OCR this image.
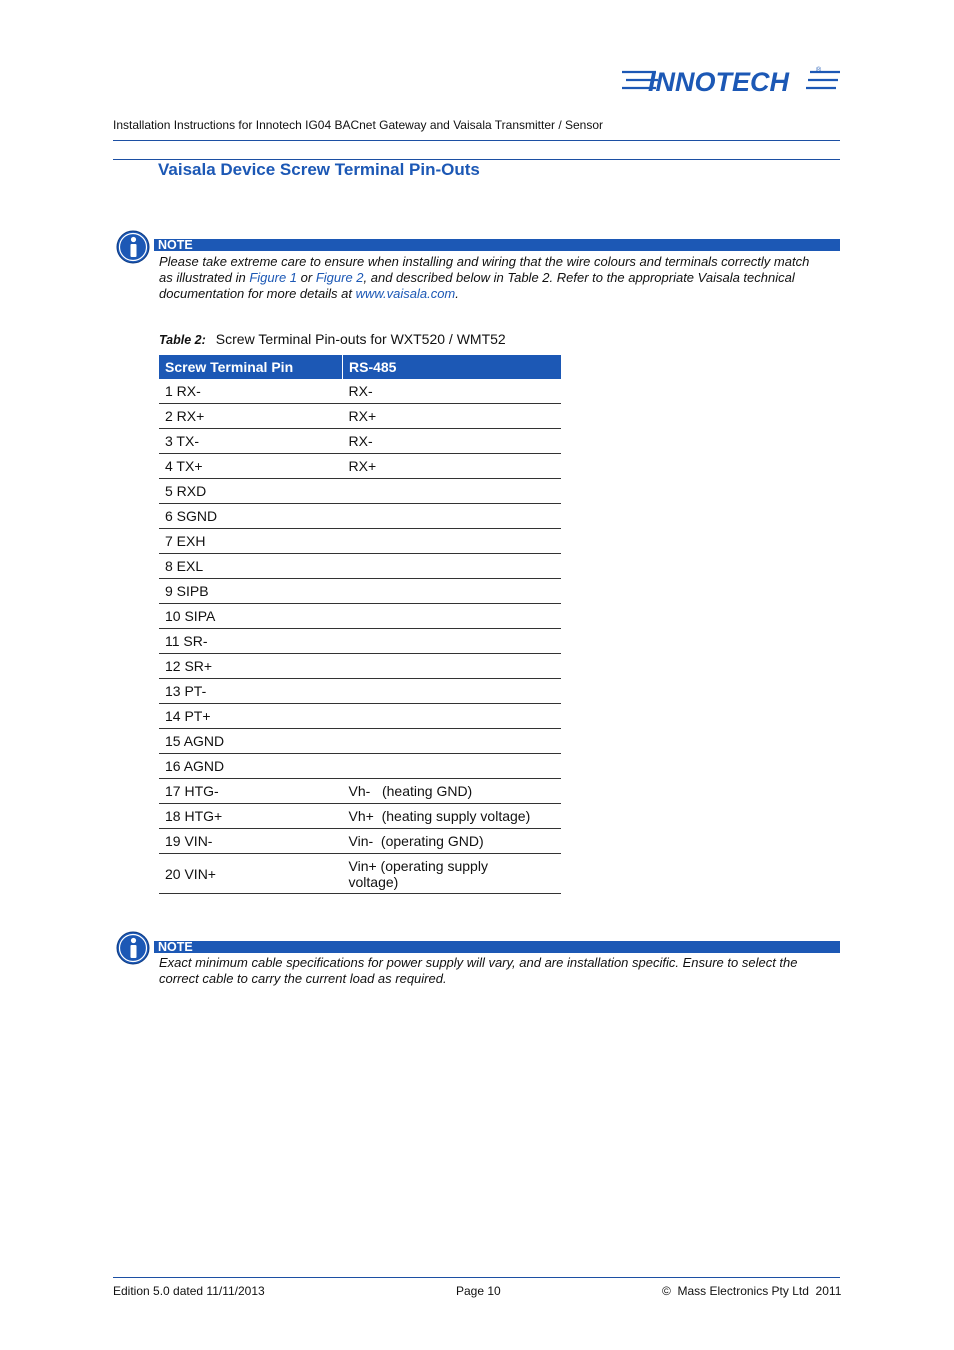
INNOTECH	®
Installation Instructions for Innotech IG04 BACnet Gateway and Vaisala Transmitter / Sensor
Vaisala Device Screw Terminal Pin-Outs
NOTE
Please take extreme care to ensure when installing and wiring that the wire colours and terminals correctly match as illustrated in Figure 1 or Figure 2, and described below in Table 2. Refer to the appropriate Vaisala technical documentation for more details at www.vaisala.com.
Table 2: Screw Terminal Pin-outs for WXT520 / WMT52
Screw Terminal Pin	RS-485
1 RX-	RX-
2 RX+	RX+
3 TX-	RX-
4 TX+	RX+
5 RXD	
6 SGND	
7 EXH	
8 EXL	
9 SIPB	
10 SIPA	
11 SR-	
12 SR+	
13 PT-	
14 PT+	
15 AGND	
16 AGND	
17 HTG-	Vh-   (heating GND)
18 HTG+	Vh+  (heating supply voltage)
19 VIN-	Vin-  (operating GND)
20 VIN+	Vin+ (operating supply voltage)
NOTE
Exact minimum cable specifications for power supply will vary, and are installation specific. Ensure to select the correct cable to carry the current load as required.
Edition 5.0 dated 11/11/2013	Page 10	©  Mass Electronics Pty Ltd  2011
